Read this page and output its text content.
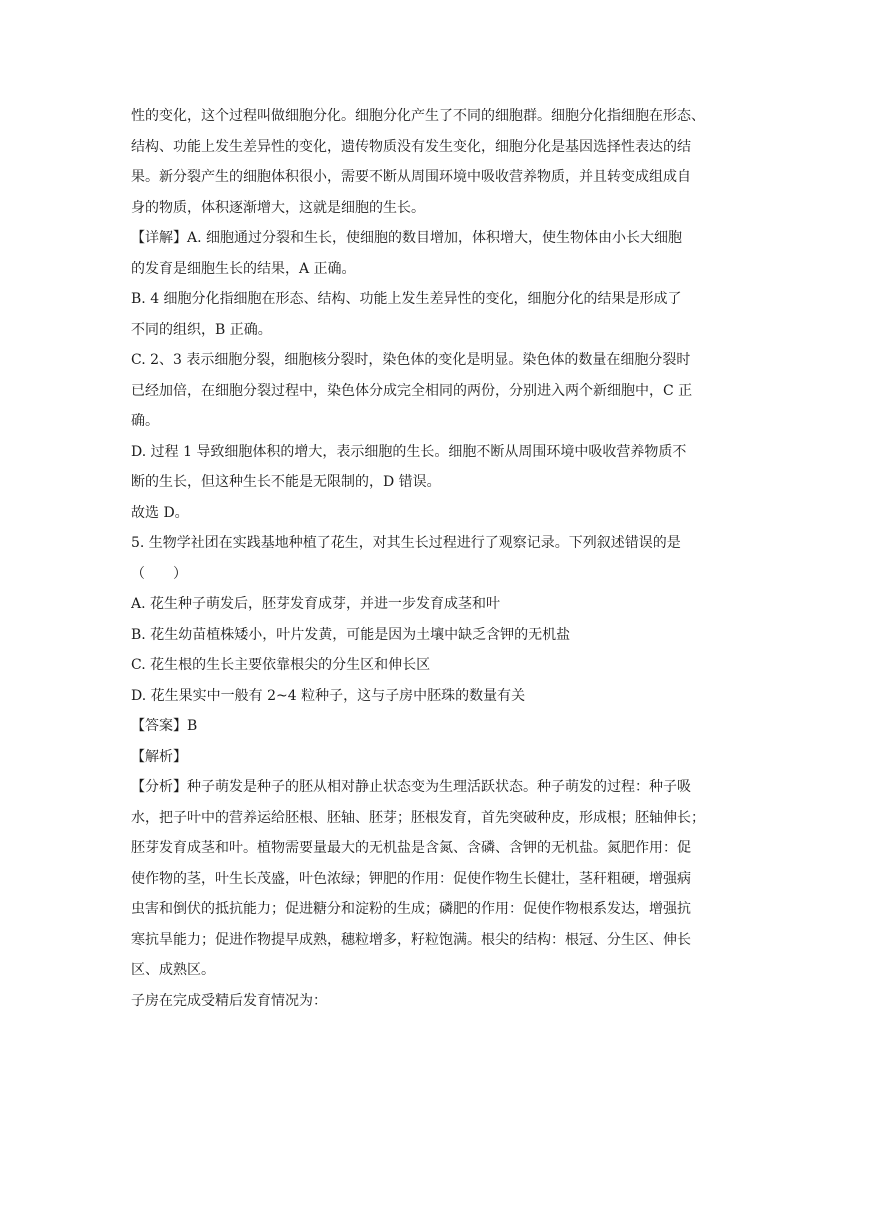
性的变化，这个过程叫做细胞分化。细胞分化产生了不同的细胞群。细胞分化指细胞在形态、
结构、功能上发生差异性的变化，遗传物质没有发生变化，细胞分化是基因选择性表达的结
果。新分裂产生的细胞体积很小，需要不断从周围环境中吸收营养物质，并且转变成组成自
身的物质，体积逐渐增大，这就是细胞的生长。
【详解】A. 细胞通过分裂和生长，使细胞的数目增加，体积增大，使生物体由小长大细胞
的发育是细胞生长的结果，A 正确。
B. 4 细胞分化指细胞在形态、结构、功能上发生差异性的变化，细胞分化的结果是形成了
不同的组织，B 正确。
C. 2、3 表示细胞分裂，细胞核分裂时，染色体的变化是明显。染色体的数量在细胞分裂时
已经加倍，在细胞分裂过程中，染色体分成完全相同的两份，分别进入两个新细胞中，C 正
确。
D. 过程 1 导致细胞体积的增大，表示细胞的生长。细胞不断从周围环境中吸收营养物质不
断的生长，但这种生长不能是无限制的，D 错误。
故选 D。
5. 生物学社团在实践基地种植了花生，对其生长过程进行了观察记录。下列叙述错误的是
（　　）
A. 花生种子萌发后，胚芽发育成芽，并进一步发育成茎和叶
B. 花生幼苗植株矮小，叶片发黄，可能是因为土壤中缺乏含钾的无机盐
C. 花生根的生长主要依靠根尖的分生区和伸长区
D. 花生果实中一般有 2~4 粒种子，这与子房中胚珠的数量有关
【答案】B
【解析】
【分析】种子萌发是种子的胚从相对静止状态变为生理活跃状态。种子萌发的过程：种子吸
水，把子叶中的营养运给胚根、胚轴、胚芽；胚根发育，首先突破种皮，形成根；胚轴伸长；
胚芽发育成茎和叶。植物需要量最大的无机盐是含氮、含磷、含钾的无机盐。氮肥作用：促
使作物的茎，叶生长茂盛，叶色浓绿；钾肥的作用：促使作物生长健壮，茎秆粗硬，增强病
虫害和倒伏的抵抗能力；促进糖分和淀粉的生成；磷肥的作用：促使作物根系发达，增强抗
寒抗旱能力；促进作物提早成熟，穗粒增多，籽粒饱满。根尖的结构：根冠、分生区、伸长
区、成熟区。
子房在完成受精后发育情况为：
